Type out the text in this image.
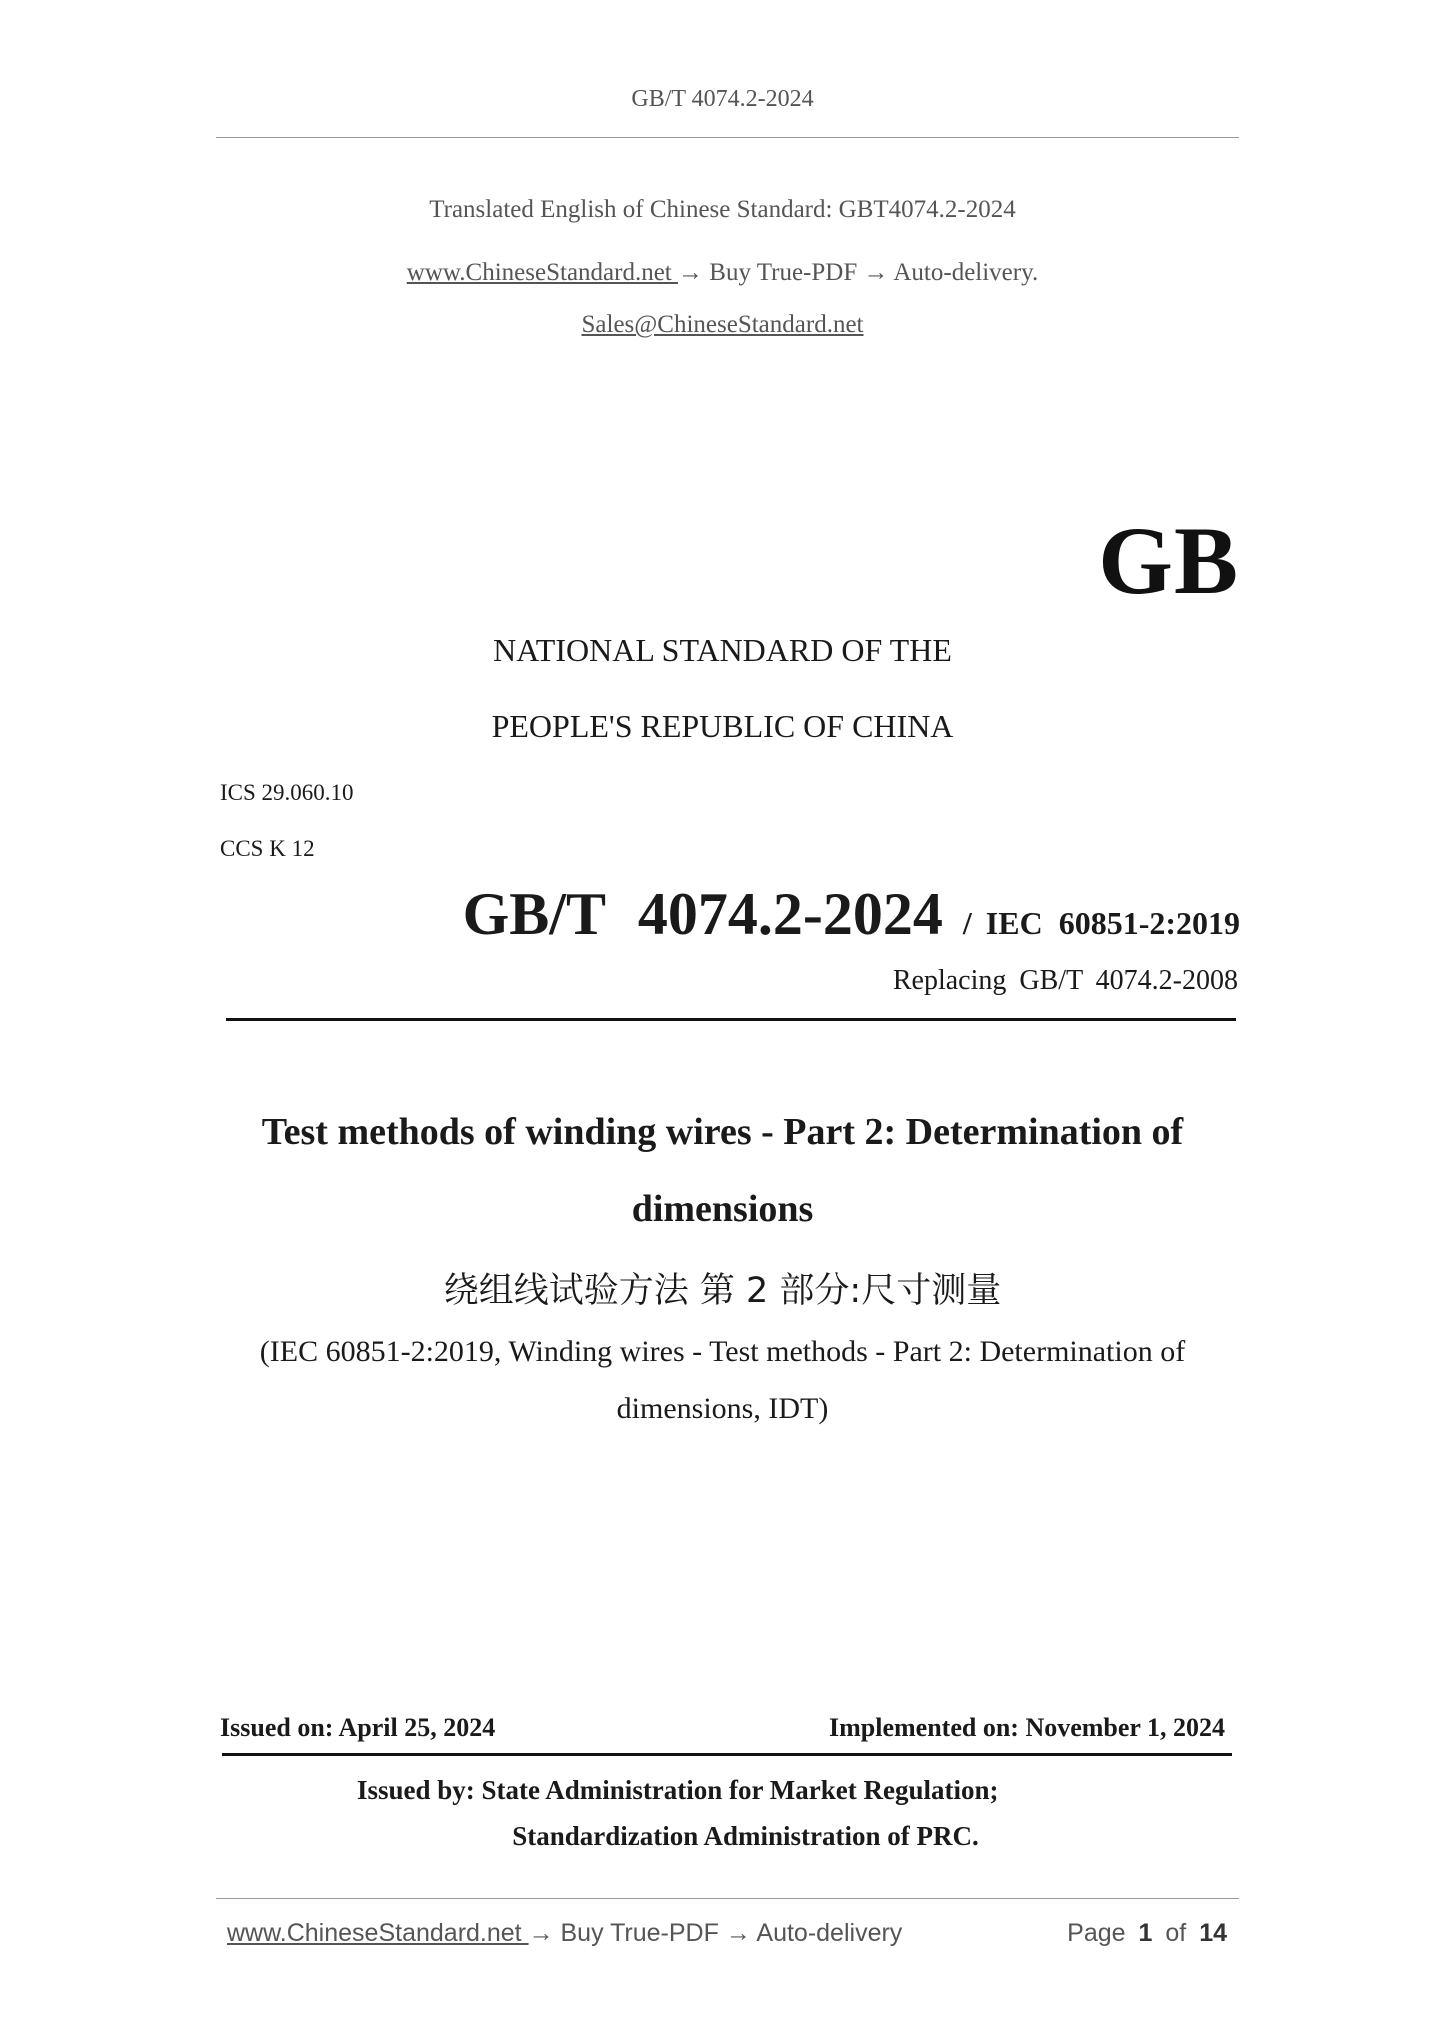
GB/T 4074.2-2024
Translated English of Chinese Standard: GBT4074.2-2024
www.ChineseStandard.net → Buy True-PDF → Auto-delivery.
Sales@ChineseStandard.net
GB
NATIONAL STANDARD OF THE
PEOPLE'S REPUBLIC OF CHINA
ICS 29.060.10
CCS K 12
GB/T 4074.2-2024 / IEC 60851-2:2019
Replacing GB/T 4074.2-2008
Test methods of winding wires - Part 2: Determination of
dimensions
绕组线试验方法 第 2 部分:尺寸测量
(IEC 60851-2:2019, Winding wires - Test methods - Part 2: Determination of
dimensions, IDT)
Issued on: April 25, 2024	Implemented on: November 1, 2024
Issued by: State Administration for Market Regulation;
Standardization Administration of PRC.
www.ChineseStandard.net → Buy True-PDF → Auto-delivery	Page 1 of 14
